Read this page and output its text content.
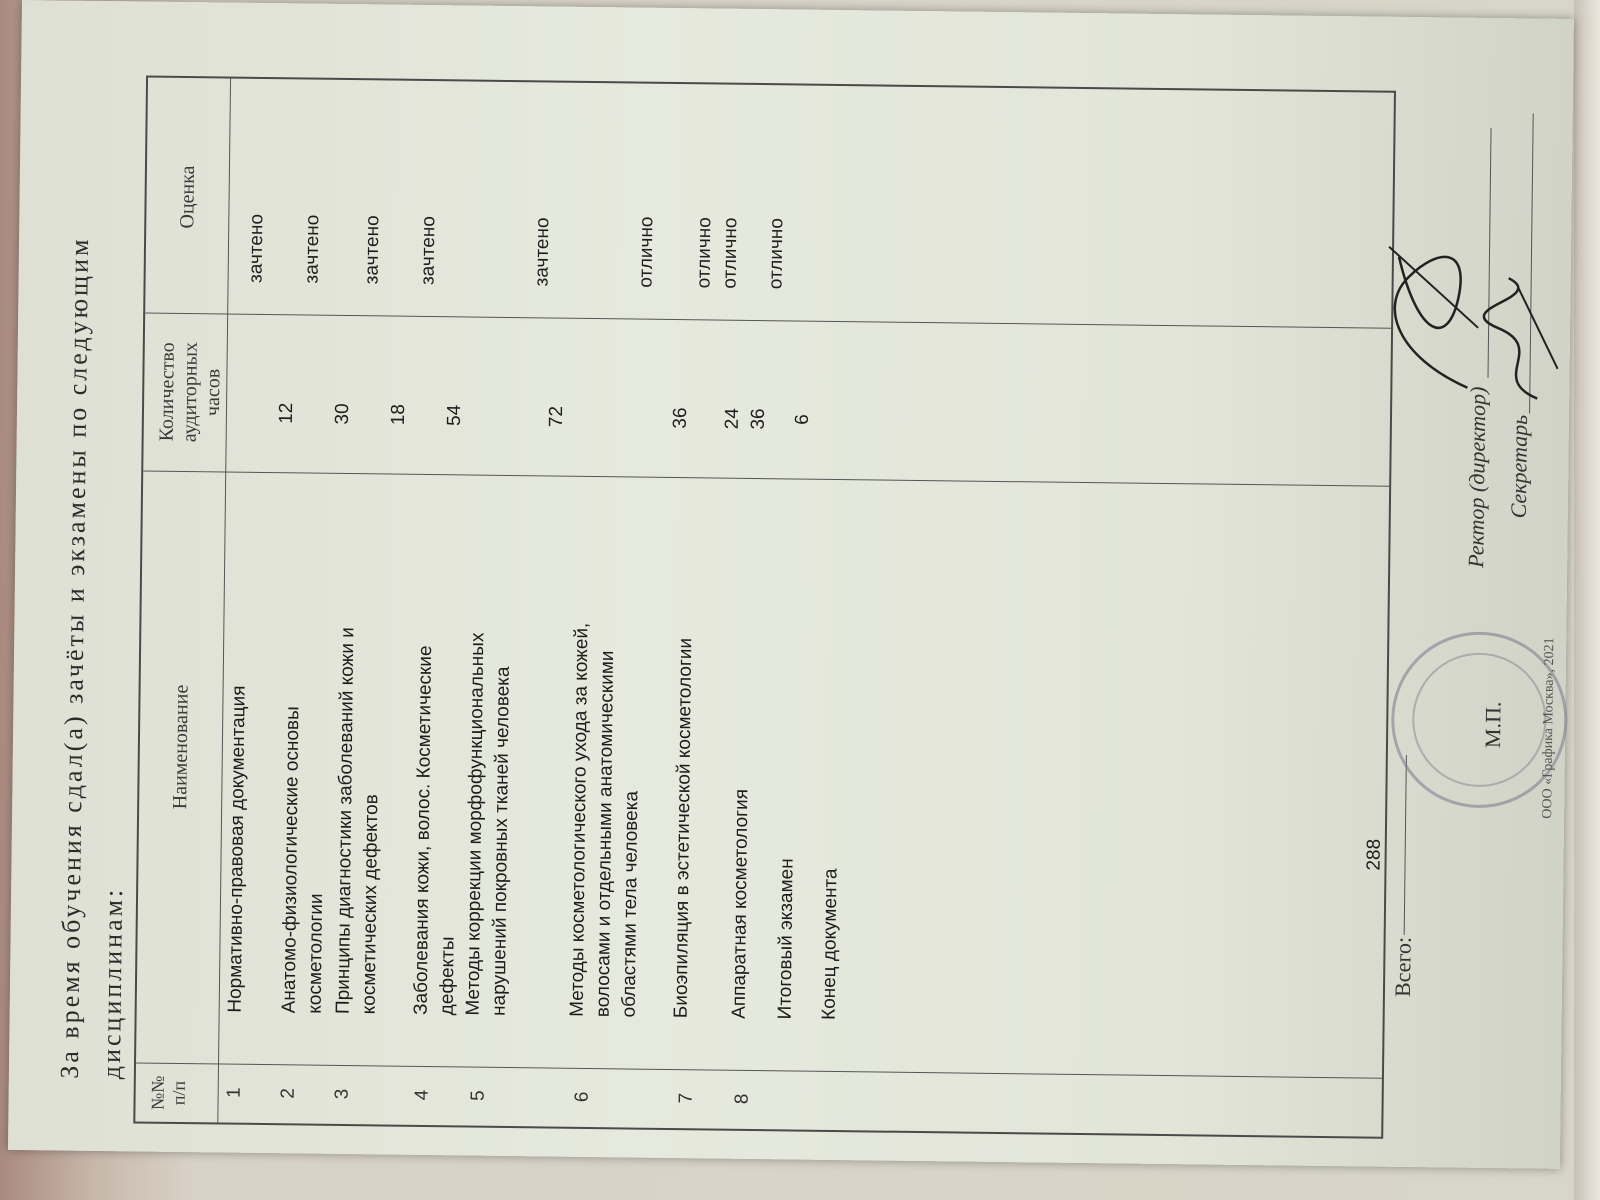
За время обучения сдал(а) зачёты и экзамены по следующим дисциплинам:
№№ п/п
Наименование
Количество аудиторных часов
Оценка
1
Нормативно-правовая документация
12
зачтено
2
Анатомо-физиологические основы косметологии
30
зачтено
3
Принципы диагностики заболеваний кожи и косметических дефектов
18
зачтено
4
Заболевания кожи, волос. Косметические дефекты
54
зачтено
5
Методы коррекции морфофункциональных нарушений покровных тканей человека
72
зачтено
6
Методы косметологического ухода за кожей, волосами и отдельными анатомическими областями тела человека
36
отлично
7
Биоэпиляция в эстетической косметологии
24
отлично
8
Аппаратная косметология
36
отлично
Итоговый экзамен
6
отлично
Конец документа	Всего:
288
М.П.
Ректор (директор) Секретарь
ООО «Графика Москва», 2021
